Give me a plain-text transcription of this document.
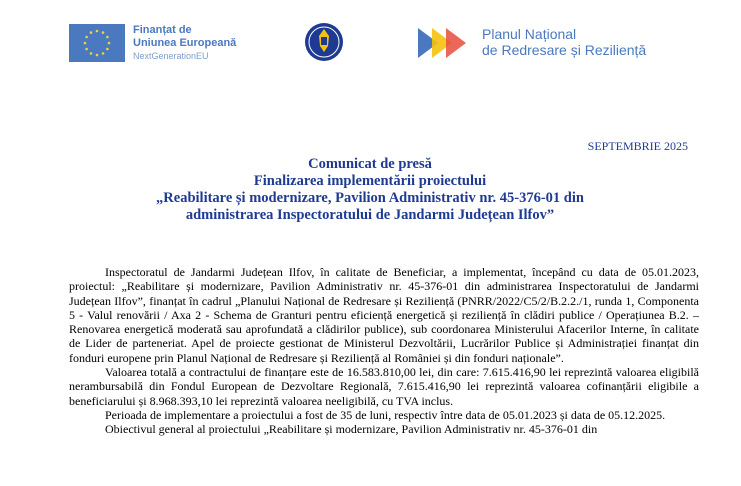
Finanțat de
Uniunea Europeană
NextGenerationEU
Planul Național
de Redresare și Reziliență
SEPTEMBRIE 2025
Comunicat de presă
Finalizarea implementării proiectului
„Reabilitare și modernizare, Pavilion Administrativ nr. 45-376-01 din
administrarea Inspectoratului de Jandarmi Județean Ilfov”

Inspectoratul de Jandarmi Județean Ilfov, în calitate de Beneficiar, a implementat, începând cu data de 05.01.2023, proiectul: „Reabilitare și modernizare, Pavilion Administrativ nr. 45-376-01 din administrarea Inspectoratului de Jandarmi Județean Ilfov”, finanțat în cadrul „Planului Național de Redresare și Reziliență (PNRR/2022/C5/2/B.2.2./1, runda 1, Componenta 5 - Valul renovării / Axa 2 - Schema de Granturi pentru eficiență energetică și reziliență în clădiri publice / Operațiunea B.2. – Renovarea energetică moderată sau aprofundată a clădirilor publice), sub coordonarea Ministerului Afacerilor Interne, în calitate de Lider de parteneriat. Apel de proiecte gestionat de Ministerul Dezvoltării, Lucrărilor Publice și Administrației finanțat din fonduri europene prin Planul Național de Redresare și Reziliență al României și din fonduri naționale”.

Valoarea totală a contractului de finanțare este de 16.583.810,00 lei, din care: 7.615.416,90 lei reprezintă valoarea eligibilă nerambursabilă din Fondul European de Dezvoltare Regională, 7.615.416,90 lei reprezintă valoarea cofinanțării eligibile a beneficiarului și 8.968.393,10 lei reprezintă valoarea neeligibilă, cu TVA inclus.

Perioada de implementare a proiectului a fost de 35 de luni, respectiv între data de 05.01.2023 și data de 05.12.2025.

Obiectivul general al proiectului „Reabilitare și modernizare, Pavilion Administrativ nr. 45-376-01 din
